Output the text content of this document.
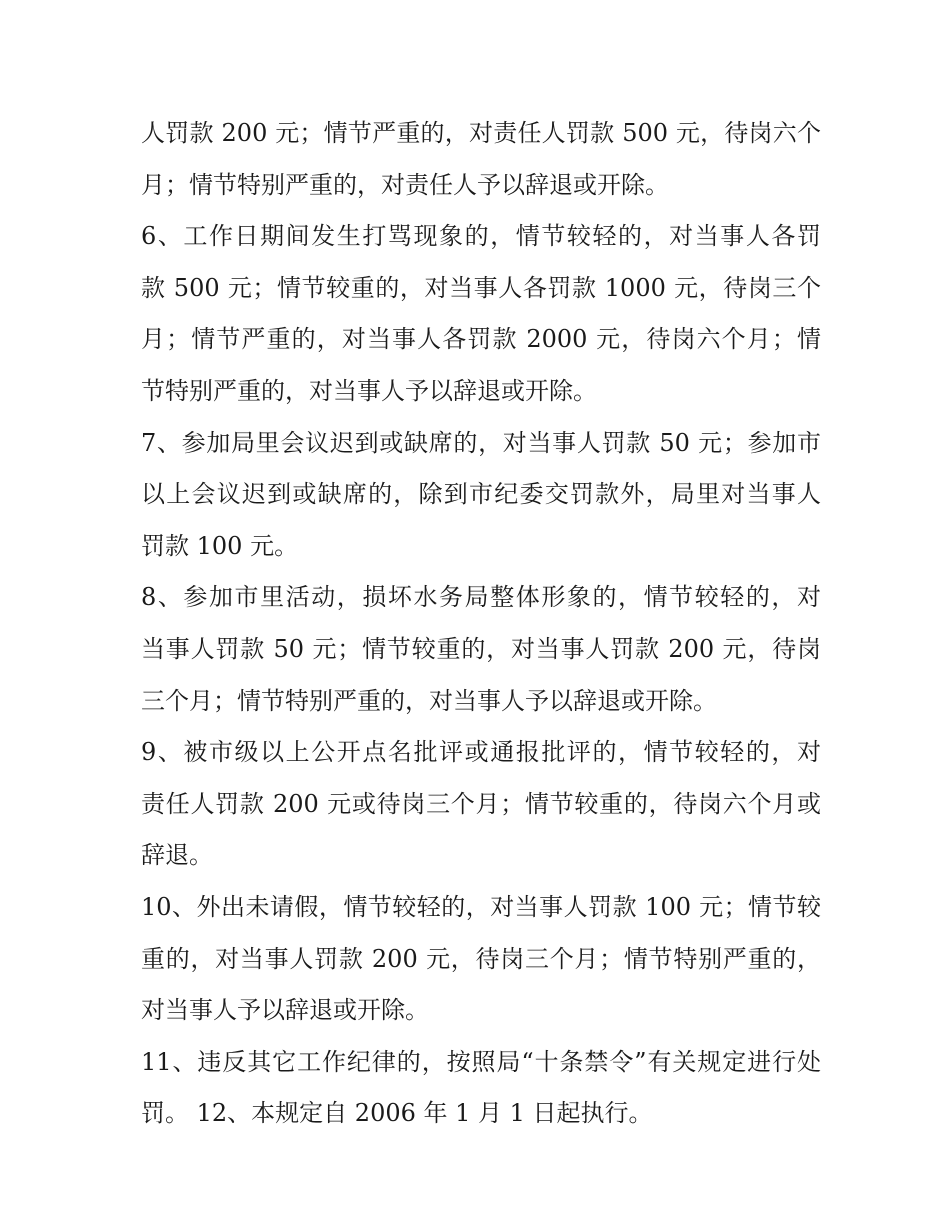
人罚款 200 元；情节严重的，对责任人罚款 500 元，待岗六个
月；情节特别严重的，对责任人予以辞退或开除。
6、工作日期间发生打骂现象的，情节较轻的，对当事人各罚
款 500 元；情节较重的，对当事人各罚款 1000 元，待岗三个
月；情节严重的，对当事人各罚款 2000 元，待岗六个月；情
节特别严重的，对当事人予以辞退或开除。
7、参加局里会议迟到或缺席的，对当事人罚款 50 元；参加市
以上会议迟到或缺席的，除到市纪委交罚款外，局里对当事人
罚款 100 元。
8、参加市里活动，损坏水务局整体形象的，情节较轻的，对
当事人罚款 50 元；情节较重的，对当事人罚款 200 元，待岗
三个月；情节特别严重的，对当事人予以辞退或开除。
9、被市级以上公开点名批评或通报批评的，情节较轻的，对
责任人罚款 200 元或待岗三个月；情节较重的，待岗六个月或
辞退。
10、外出未请假，情节较轻的，对当事人罚款 100 元；情节较
重的，对当事人罚款 200 元，待岗三个月；情节特别严重的，
对当事人予以辞退或开除。
11、违反其它工作纪律的，按照局“十条禁令”有关规定进行处
罚。 12、本规定自 2006 年 1 月 1 日起执行。
